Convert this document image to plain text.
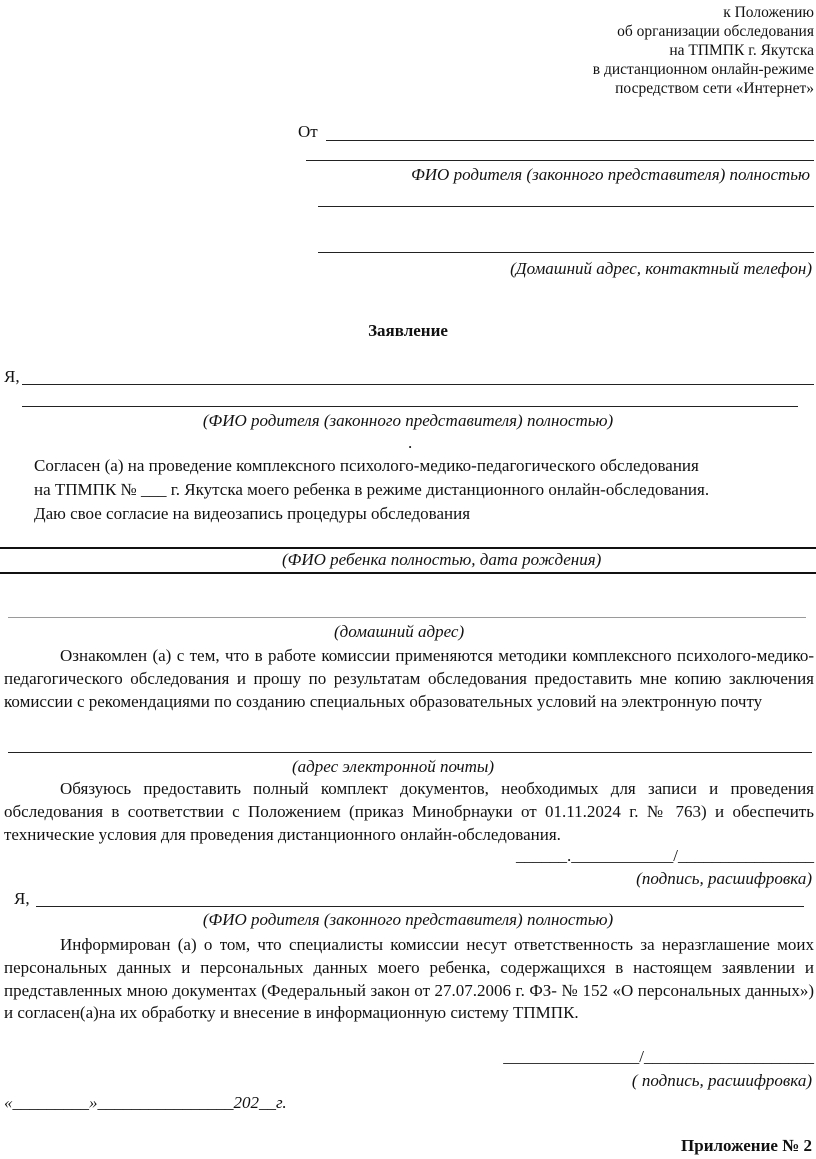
к Положению
об организации обследования
на ТПМПК г. Якутска
в дистанционном онлайн-режиме
посредством сети «Интернет»
От
ФИО родителя (законного представителя) полностью
(Домашний адрес, контактный телефон)
Заявление
Я,
(ФИО родителя (законного представителя) полностью)
.
Согласен (а) на проведение комплексного психолого-медико-педагогического обследования
на ТПМПК № ___ г. Якутска моего ребенка в режиме дистанционного онлайн-обследования.
Даю свое согласие на видеозапись процедуры обследования
(ФИО ребенка полностью, дата рождения)
(домашний адрес)
Ознакомлен (а) с тем, что в работе комиссии применяются методики комплексного психолого-медико-педагогического обследования и прошу по результатам обследования предоставить мне копию заключения комиссии с рекомендациями по созданию специальных образовательных условий на электронную почту
(адрес электронной почты)
Обязуюсь предоставить полный комплект документов, необходимых для записи и проведения обследования в соответствии с Положением (приказ Минобрнауки от 01.11.2024 г. № 763) и обеспечить технические условия для проведения дистанционного онлайн-обследования.
______.____________/________________
(подпись, расшифровка)
Я,
(ФИО родителя (законного представителя) полностью)
Информирован (а) о том, что специалисты комиссии несут ответственность за неразглашение моих персональных данных и персональных данных моего ребенка, содержащихся в настоящем заявлении и представленных мною документах (Федеральный закон от 27.07.2006 г. ФЗ- № 152 «О персональных данных») и согласен(а)на их обработку и внесение в информационную систему ТПМПК.
________________/____________________
( подпись, расшифровка)
«_________»________________202__г.
Приложение № 2
